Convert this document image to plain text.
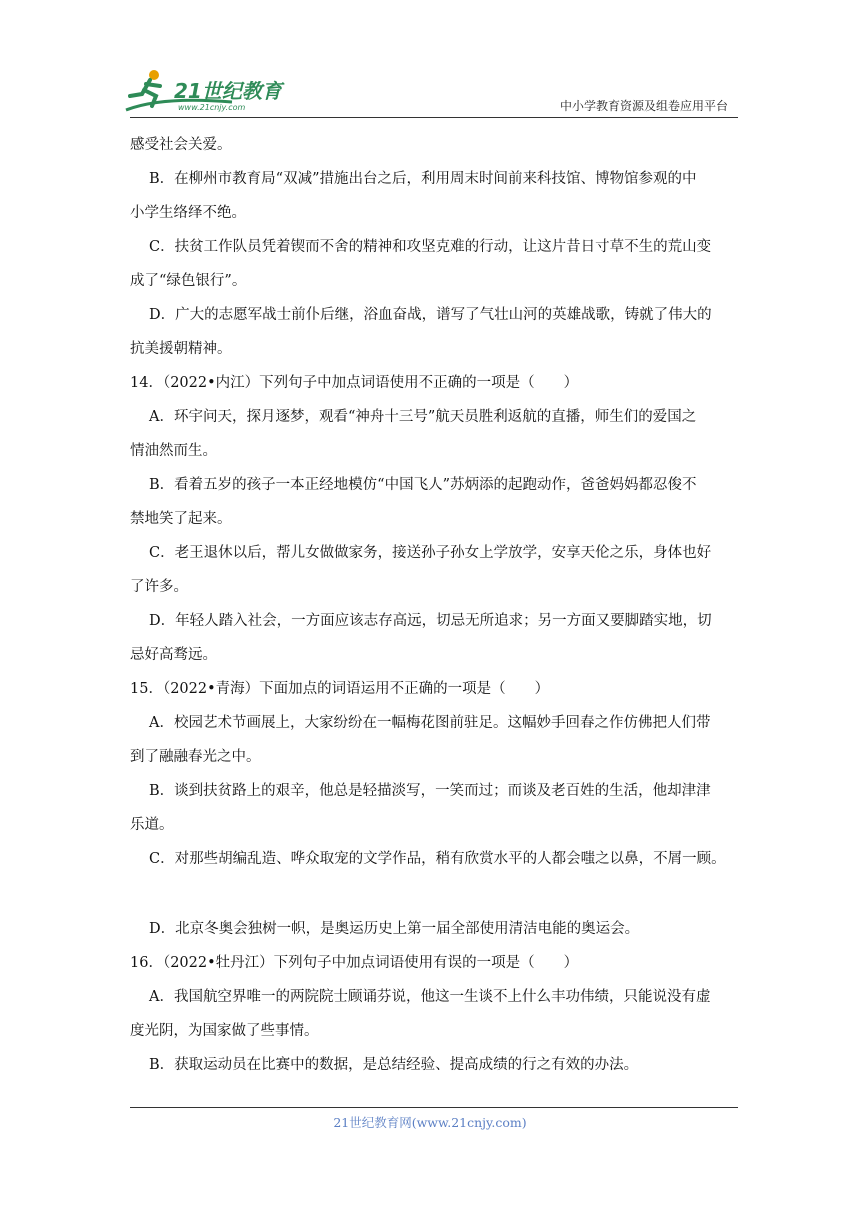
21世纪教育
www.21cnjy.com	中小学教育资源及组卷应用平台

感受社会关爱。

B．在柳州市教育局“双减”措施出台之后，利用周末时间前来科技馆、博物馆参观的中

小学生络绎不绝。

C．扶贫工作队员凭着锲而不舍的精神和攻坚克难的行动，让这片昔日寸草不生的荒山变

成了“绿色银行”。

D．广大的志愿军战士前仆后继，浴血奋战，谱写了气壮山河的英雄战歌，铸就了伟大的

抗美援朝精神。

14．（2022•内江）下列句子中加点词语使用不正确的一项是（　　）

A．环宇问天，探月逐梦，观看“神舟十三号”航天员胜利返航的直播，师生们的爱国之

情油然而生。

B．看着五岁的孩子一本正经地模仿“中国飞人”苏炳添的起跑动作，爸爸妈妈都忍俊不

禁地笑了起来。

C．老王退休以后，帮儿女做做家务，接送孙子孙女上学放学，安享天伦之乐，身体也好

了许多。

D．年轻人踏入社会，一方面应该志存高远，切忌无所追求；另一方面又要脚踏实地，切

忌好高骛远。

15．（2022•青海）下面加点的词语运用不正确的一项是（　　）

A．校园艺术节画展上，大家纷纷在一幅梅花图前驻足。这幅妙手回春之作仿佛把人们带

到了融融春光之中。

B．谈到扶贫路上的艰辛，他总是轻描淡写，一笑而过；而谈及老百姓的生活，他却津津

乐道。

C．对那些胡编乱造、哗众取宠的文学作品，稍有欣赏水平的人都会嗤之以鼻，不屑一顾。

D．北京冬奥会独树一帜，是奥运历史上第一届全部使用清洁电能的奥运会。

16．（2022•牡丹江）下列句子中加点词语使用有误的一项是（　　）

A．我国航空界唯一的两院院士顾诵芬说，他这一生谈不上什么丰功伟绩，只能说没有虚

度光阴，为国家做了些事情。

B．获取运动员在比赛中的数据，是总结经验、提高成绩的行之有效的办法。

21世纪教育网(www.21cnjy.com)
